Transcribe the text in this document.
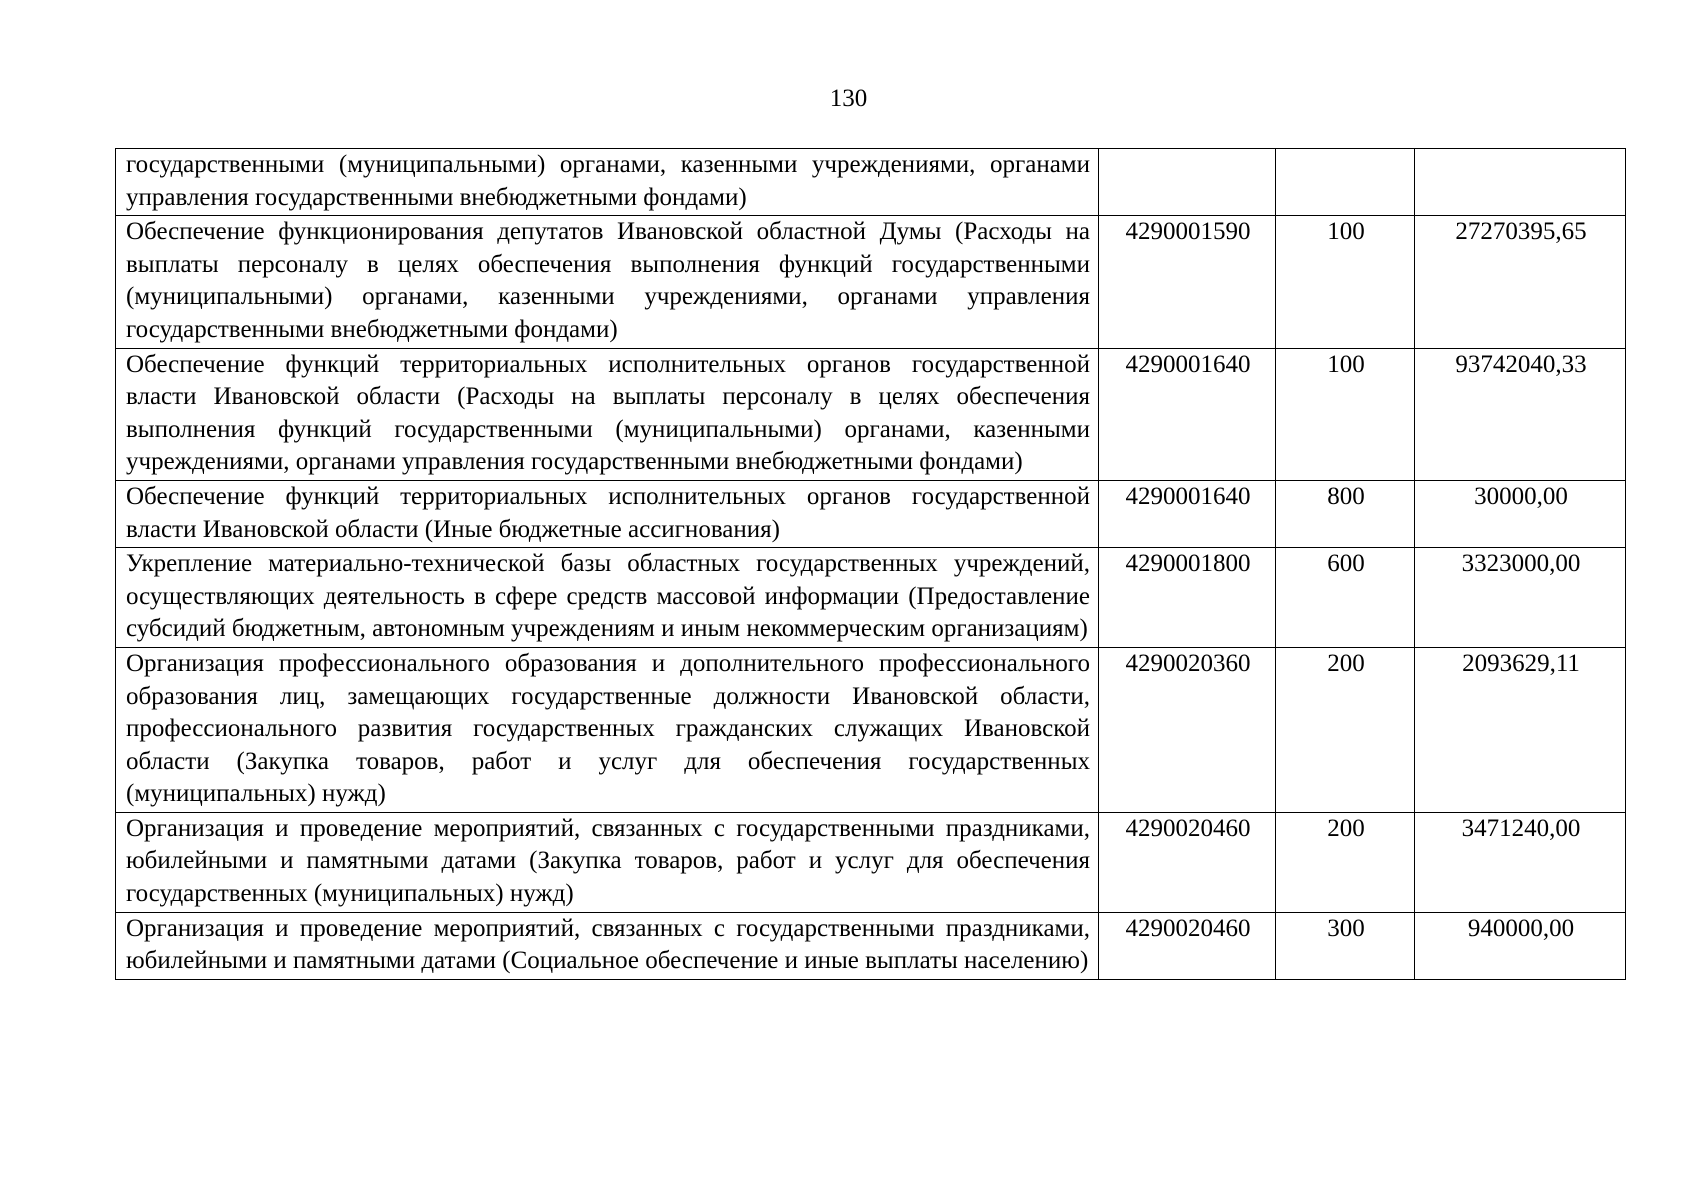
130
государственными (муниципальными) органами, казенными учреждениями, органами управления государственными внебюджетными фондами)			
Обеспечение функционирования депутатов Ивановской областной Думы (Расходы на выплаты персоналу в целях обеспечения выполнения функций государственными (муниципальными) органами, казенными учреждениями, органами управления государственными внебюджетными фондами)	4290001590	100	27270395,65
Обеспечение функций территориальных исполнительных органов государственной власти Ивановской области (Расходы на выплаты персоналу в целях обеспечения выполнения функций государственными (муниципальными) органами, казенными учреждениями, органами управления государственными внебюджетными фондами)	4290001640	100	93742040,33
Обеспечение функций территориальных исполнительных органов государственной власти Ивановской области (Иные бюджетные ассигнования)	4290001640	800	30000,00
Укрепление материально-технической базы областных государственных учреждений, осуществляющих деятельность в сфере средств массовой информации (Предоставление субсидий бюджетным, автономным учреждениям и иным некоммерческим организациям)	4290001800	600	3323000,00
Организация профессионального образования и дополнительного профессионального образования лиц, замещающих государственные должности Ивановской области, профессионального развития государственных гражданских служащих Ивановской области (Закупка товаров, работ и услуг для обеспечения государственных (муниципальных) нужд)	4290020360	200	2093629,11
Организация и проведение мероприятий, связанных с государственными праздниками, юбилейными и памятными датами (Закупка товаров, работ и услуг для обеспечения государственных (муниципальных) нужд)	4290020460	200	3471240,00
Организация и проведение мероприятий, связанных с государственными праздниками, юбилейными и памятными датами (Социальное обеспечение и иные выплаты населению)	4290020460	300	940000,00
